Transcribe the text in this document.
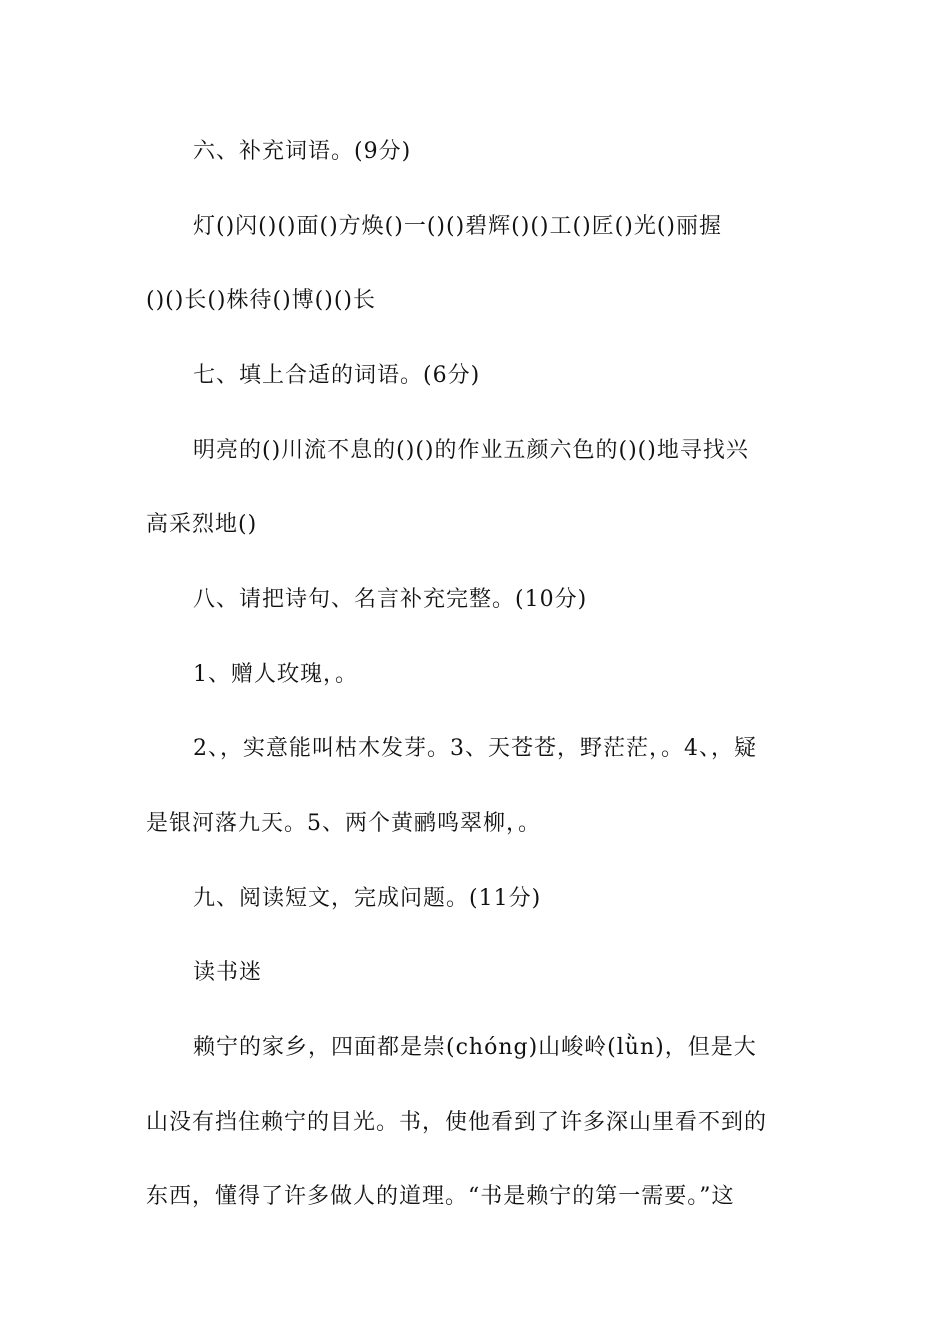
六、补充词语。(9分)
灯()闪()()面()方焕()一()()碧辉()()工()匠()光()丽握
()()长()株待()博()()长
七、填上合适的词语。(6分)
明亮的()川流不息的()()的作业五颜六色的()()地寻找兴
高采烈地()
八、请把诗句、名言补充完整。(10分)
1、赠人玫瑰，。
2、，实意能叫枯木发芽。3、天苍苍，野茫茫，。4、，疑
是银河落九天。5、两个黄鹂鸣翠柳，。
九、阅读短文，完成问题。(11分)
读书迷
赖宁的家乡，四面都是崇(chóng)山峻岭(lǜn)，但是大
山没有挡住赖宁的目光。书，使他看到了许多深山里看不到的
东西，懂得了许多做人的道理。“书是赖宁的第一需要。”这
